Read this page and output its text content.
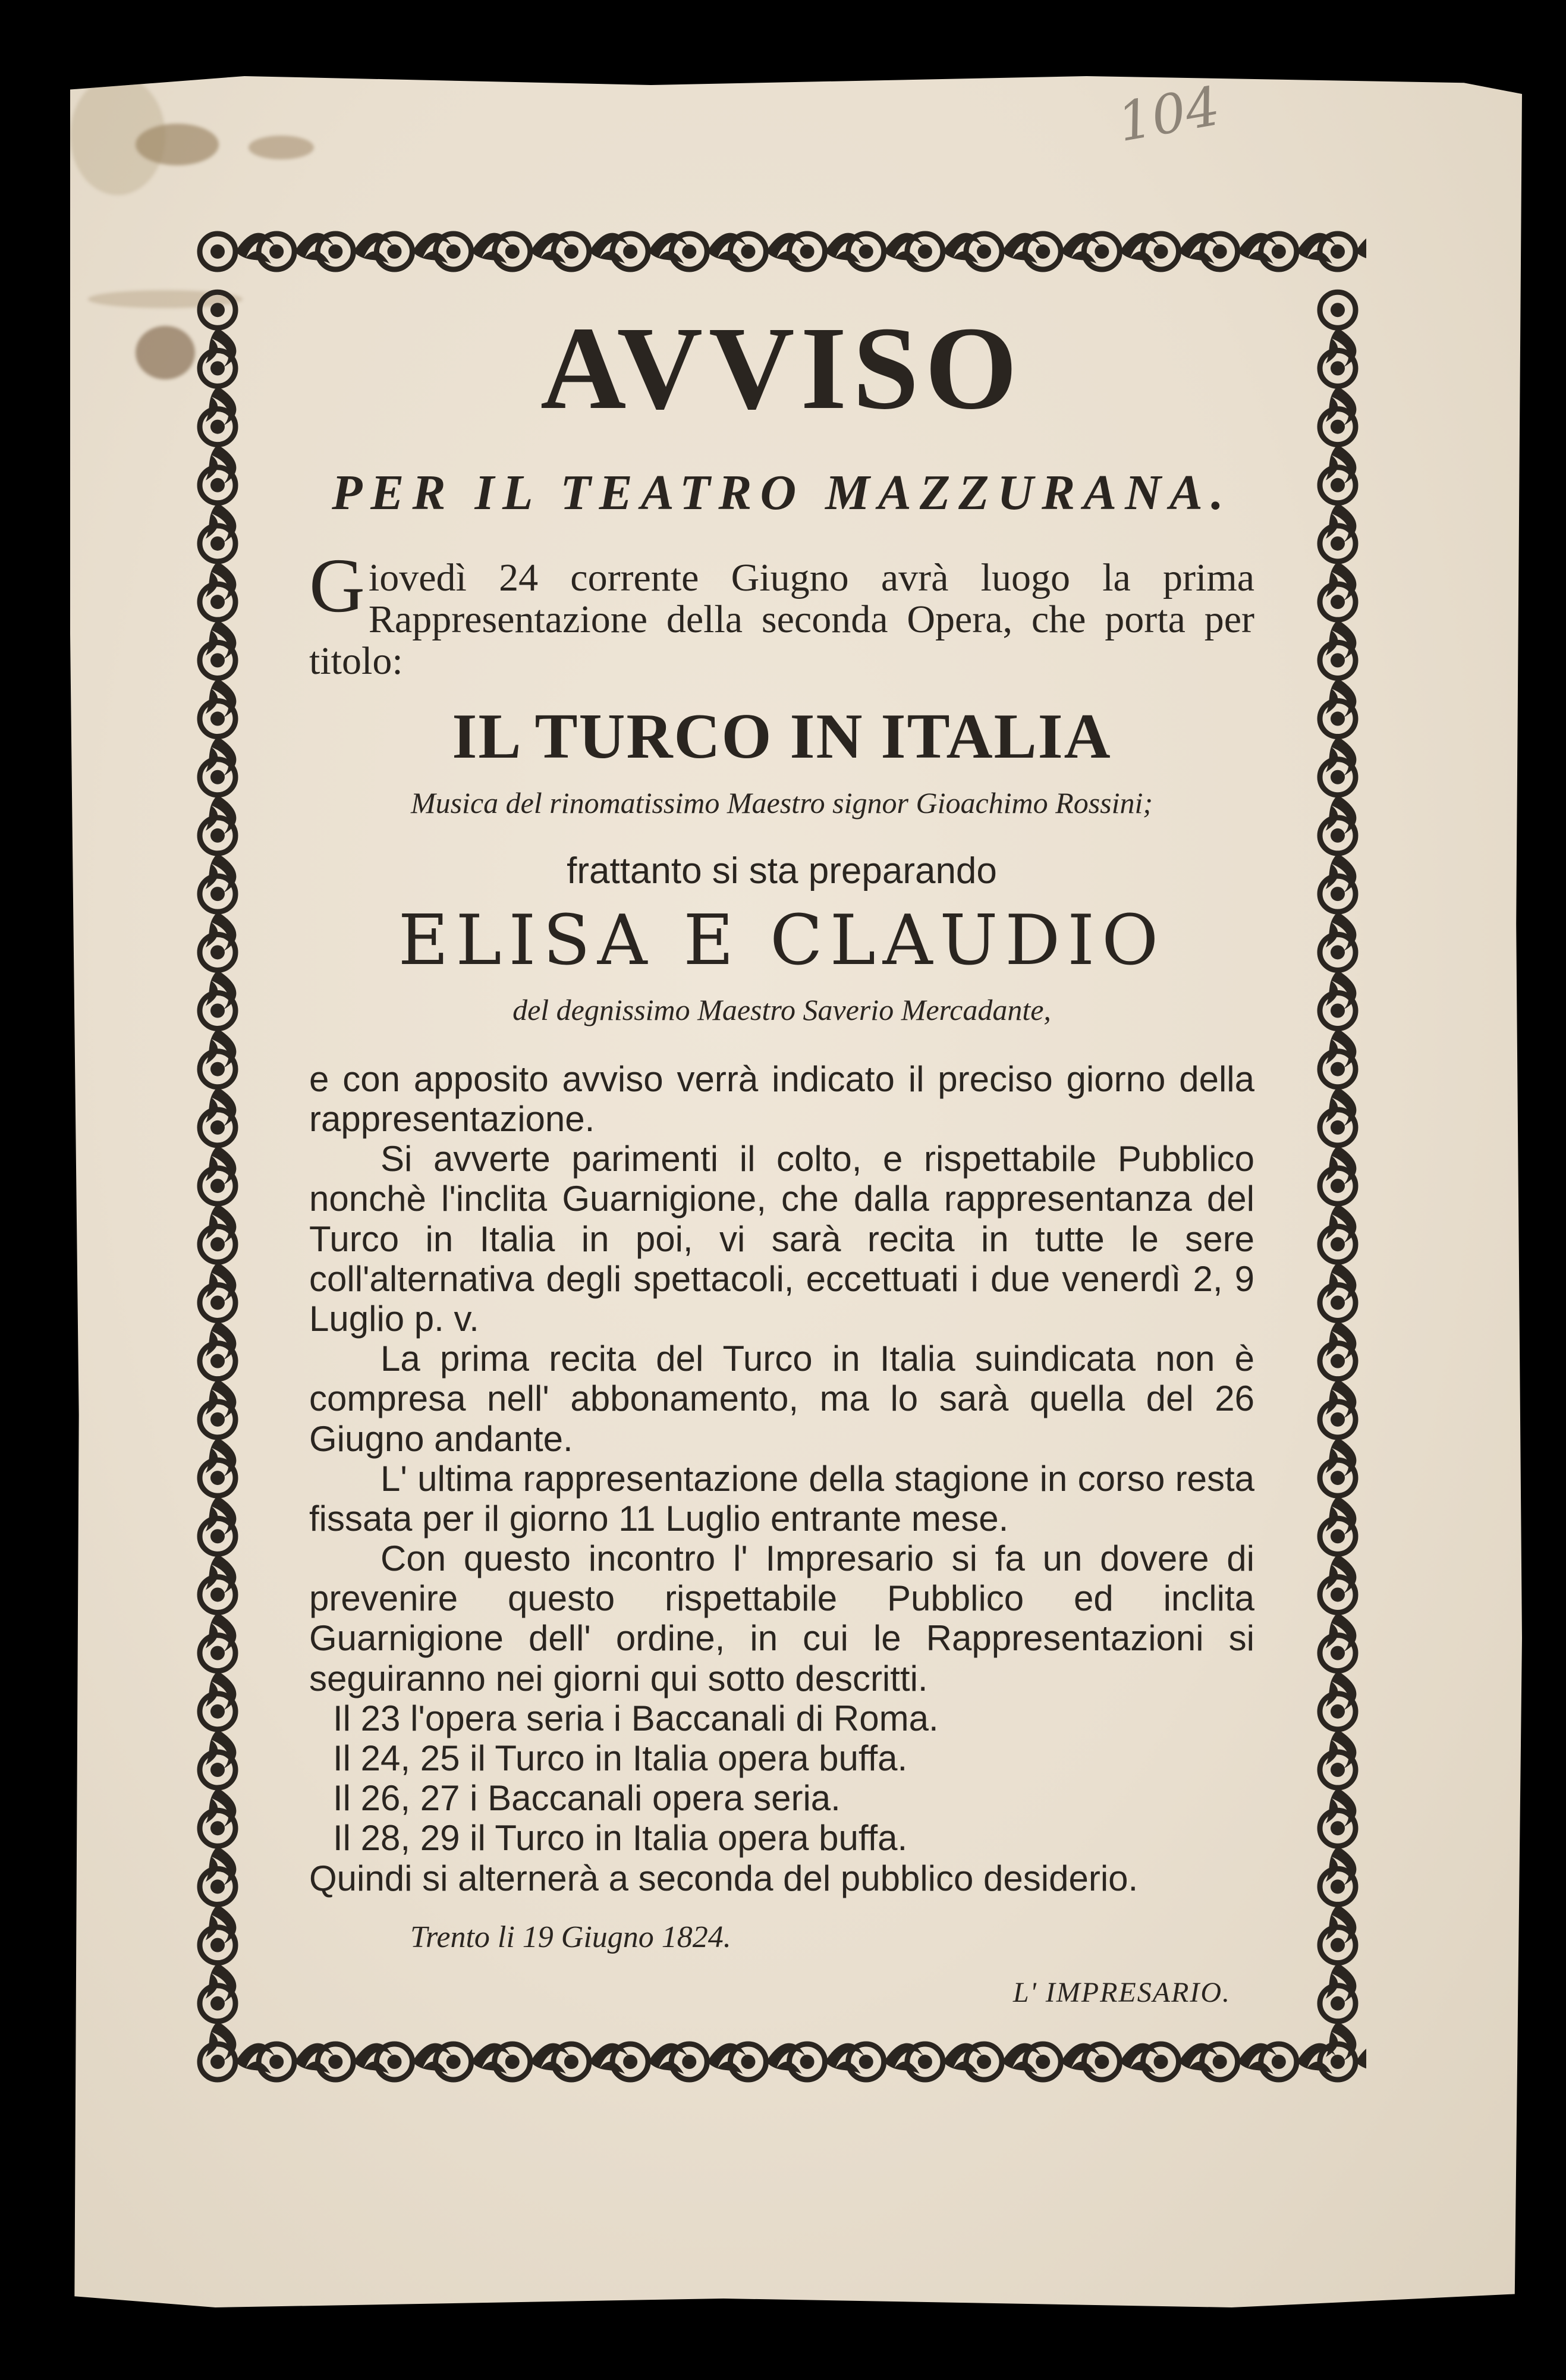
104
AVVISO
PER IL TEATRO MAZZURANA.
Giovedì 24 corrente Giugno avrà luogo la prima Rappresentazione della seconda Opera, che porta per titolo:
IL TURCO IN ITALIA
Musica del rinomatissimo Maestro signor Gioachimo Rossini;
frattanto si sta preparando
ELISA E CLAUDIO
del degnissimo Maestro Saverio Mercadante,

e con apposito avviso verrà indicato il preciso giorno della rappresentazione.

Si avverte parimenti il colto, e rispettabile Pubblico nonchè l'inclita Guarnigione, che dalla rappresentanza del Turco in Italia in poi, vi sarà recita in tutte le sere coll'alternativa degli spettacoli, eccettuati i due venerdì 2, 9 Luglio p. v.

La prima recita del Turco in Italia suindicata non è compresa nell' abbonamento, ma lo sarà quella del 26 Giugno andante.

L' ultima rappresentazione della stagione in corso resta fissata per il giorno 11 Luglio entrante mese.

Con questo incontro l' Impresario si fa un dovere di prevenire questo rispettabile Pubblico ed inclita Guarnigione dell' ordine, in cui le Rappresentazioni si seguiranno nei giorni qui sotto descritti.

Il 23 l'opera seria i Baccanali di Roma.

Il 24, 25 il Turco in Italia opera buffa.

Il 26, 27 i Baccanali opera seria.

Il 28, 29 il Turco in Italia opera buffa.

Quindi si alternerà a seconda del pubblico desiderio.

Trento li 19 Giugno 1824.
L' IMPRESARIO.
